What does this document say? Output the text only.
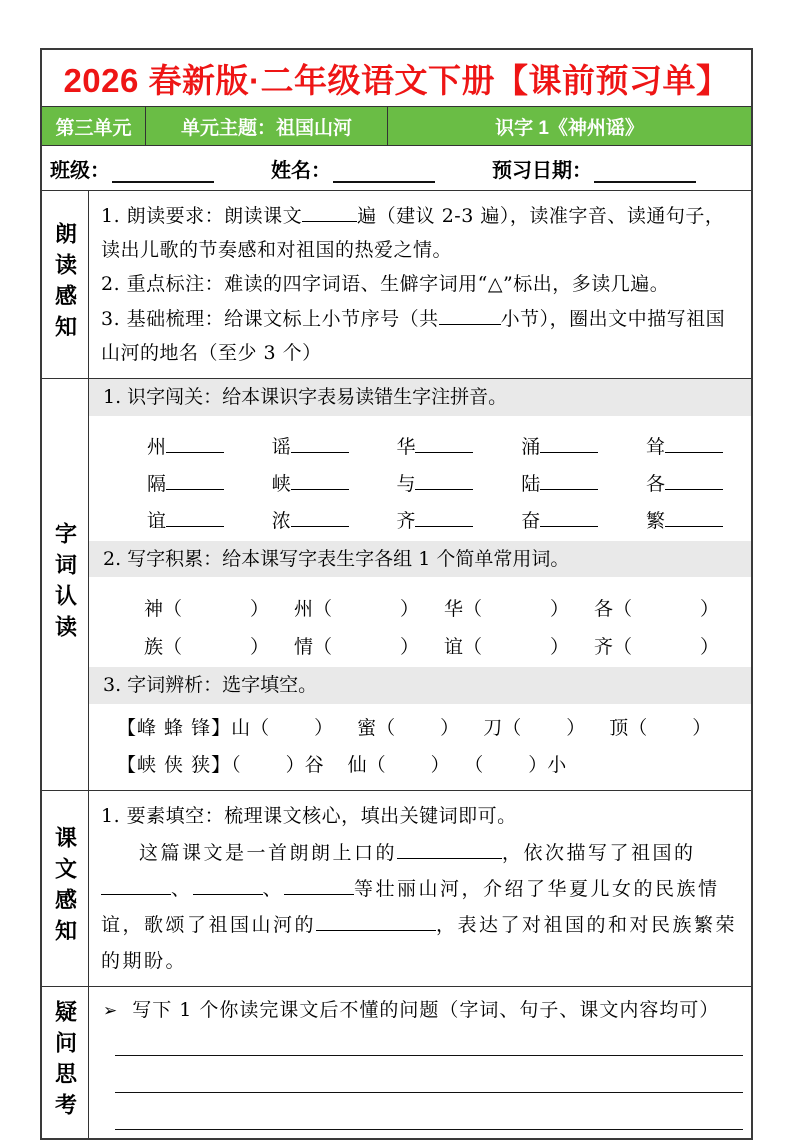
2026 春新版·二年级语文下册【课前预习单】
第三单元	单元主题：祖国山河	识字 1《神州谣》
班级：	姓名：	预习日期：
朗读感知
1. 朗读要求：朗读课文	遍（建议 2-3 遍），读准字音、读通句子，读出儿歌的节奏感和对祖国的热爱之情。
2. 重点标注：难读的四字词语、生僻字词用“△”标出，多读几遍。
3. 基础梳理：给课文标上小节序号（共	小节），圈出文中描写祖国山河的地名（至少 3 个）
字词认读
1. 识字闯关：给本课识字表易读错生字注拼音。
州	谣	华	涌	耸
隔	峡	与	陆	各
谊	浓	齐	奋	繁
2. 写字积累：给本课写字表生字各组 1 个简单常用词。
神（	） 州（	） 华（	） 各（	）
族（	） 情（	） 谊（	） 齐（	）
3. 字词辨析：选字填空。
【峰 蜂 锋】山（ ） 蜜（ ） 刀（ ） 顶（ ）
【峡 侠 狭】（ ）谷 仙（ ） （ ）小
课文感知
1. 要素填空：梳理课文核心，填出关键词即可。

这篇课文是一首朗朗上口的	，依次描写了祖国的、	、	等壮丽山河，介绍了华夏儿女的民族情谊，歌颂了祖国山河的	，表达了对祖国的和对民族繁荣的期盼。

疑问思考 ➢ 写下 1 个你读完课文后不懂的问题（字词、句子、课文内容均可）
